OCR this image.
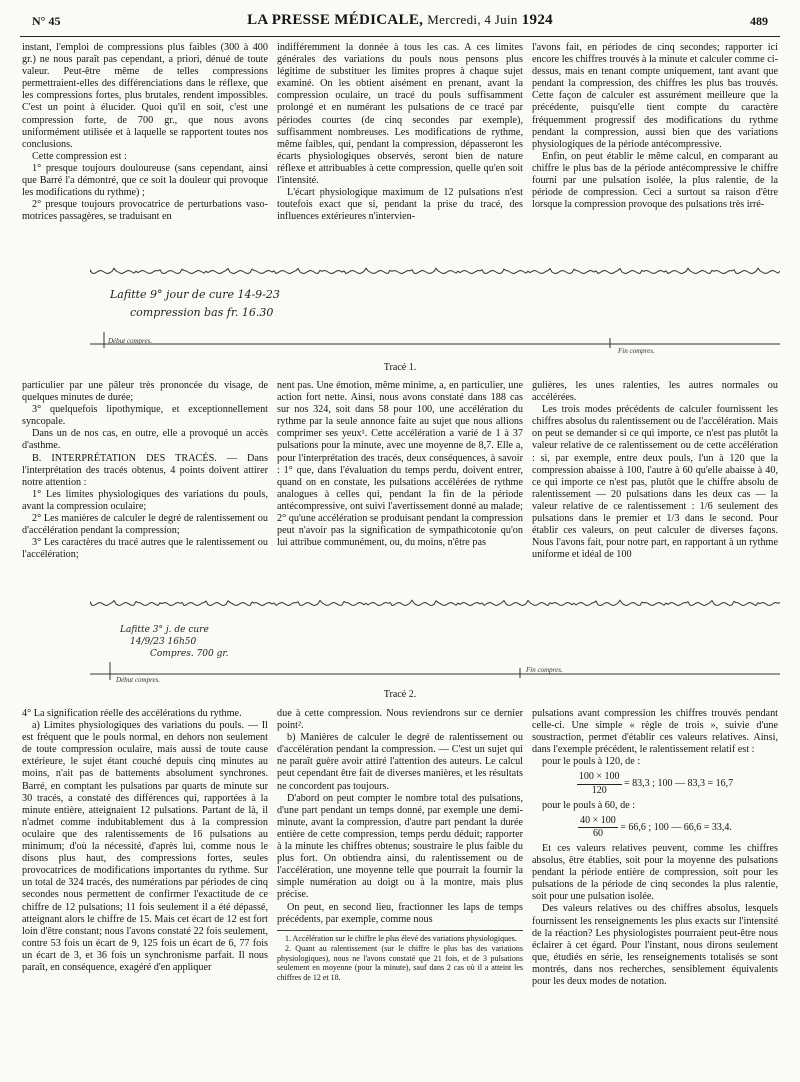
N° 45	LA PRESSE MÉDICALE, Mercredi, 4 Juin 1924	489

instant, l'emploi de compressions plus faibles (300 à 400 gr.) ne nous paraît pas cependant, a priori, dénué de toute valeur. Peut-être même de telles compressions permettraient-elles des différenciations dans le réflexe, que les compressions fortes, plus brutales, rendent impossibles. C'est un point à élucider. Quoi qu'il en soit, c'est une compression forte, de 700 gr., que nous avons uniformément utilisée et à laquelle se rapportent toutes nos conclusions.

Cette compression est :

1° presque toujours douloureuse (sans cependant, ainsi que Barré l'a démontré, que ce soit la douleur qui provoque les modifications du rythme) ;

2° presque toujours provocatrice de perturbations vaso-motrices passagères, se traduisant en

indifféremment la donnée à tous les cas. A ces limites générales des variations du pouls nous pensons plus légitime de substituer les limites propres à chaque sujet examiné. On les obtient aisément en prenant, avant la compression oculaire, un tracé du pouls suffisamment prolongé et en numérant les pulsations de ce tracé par périodes courtes (de cinq secondes par exemple), suffisamment nombreuses. Les modifications de rythme, même faibles, qui, pendant la compression, dépasseront les écarts physiologiques observés, seront bien de nature réflexe et attribuables à cette compression, quelle qu'en soit l'intensité.

L'écart physiologique maximum de 12 pulsations n'est toutefois exact que si, pendant la prise du tracé, des influences extérieures n'intervien-

l'avons fait, en périodes de cinq secondes; rapporter ici encore les chiffres trouvés à la minute et calculer comme ci-dessus, mais en tenant compte uniquement, tant avant que pendant la compression, des chiffres les plus bas trouvés. Cette façon de calculer est assurément meilleure que la précédente, puisqu'elle tient compte du caractère fréquemment progressif des modifications du rythme pendant la compression, aussi bien que des variations physiologiques de la période antécompressive.

Enfin, on peut établir le même calcul, en comparant au chiffre le plus bas de la période antécompressive le chiffre fourni par une pulsation isolée, la plus ralentie, de la période de compression. Ceci a surtout sa raison d'être lorsque la compression provoque des pulsations très irré-

Lafitte 9° jour de cure 14-9-23
compression bas fr. 16.30
Début compres.
Fin compres.
Tracé 1.

particulier par une pâleur très prononcée du visage, de quelques minutes de durée;

3° quelquefois lipothymique, et exceptionnellement syncopale.

Dans un de nos cas, en outre, elle a provoqué un accès d'asthme.

B. INTERPRÉTATION DES TRACÉS. — Dans l'interprétation des tracés obtenus, 4 points doivent attirer notre attention :

1° Les limites physiologiques des variations du pouls, avant la compression oculaire;

2° Les manières de calculer le degré de ralentissement ou d'accélération pendant la compression;

3° Les caractères du tracé autres que le ralentissement ou l'accélération;

nent pas. Une émotion, même minime, a, en particulier, une action fort nette. Ainsi, nous avons constaté dans 188 cas sur nos 324, soit dans 58 pour 100, une accélération du rythme par la seule annonce faite au sujet que nous allions comprimer ses yeux¹. Cette accélération a varié de 1 à 37 pulsations pour la minute, avec une moyenne de 8,7. Elle a, pour l'interprétation des tracés, deux conséquences, à savoir : 1° que, dans l'évaluation du temps perdu, doivent entrer, quand on en constate, les pulsations accélérées de rythme analogues à celles qui, pendant la fin de la période antécompressive, ont suivi l'avertissement donné au malade; 2° qu'une accélération se produisant pendant la compression peut n'avoir pas la signification de sympathicotonie qu'on lui attribue communément, ou, du moins, n'être pas

gulières, les unes ralenties, les autres normales ou accélérées.

Les trois modes précédents de calculer fournissent les chiffres absolus du ralentissement ou de l'accélération. Mais on peut se demander si ce qui importe, ce n'est pas plutôt la valeur relative de ce ralentissement ou de cette accélération : si, par exemple, entre deux pouls, l'un à 120 que la compression abaisse à 100, l'autre à 60 qu'elle abaisse à 40, ce qui importe ce n'est pas, plutôt que le chiffre absolu de ralentissement — 20 pulsations dans les deux cas — la valeur relative de ce ralentissement : 1/6 seulement des pulsations dans le premier et 1/3 dans le second. Pour établir ces valeurs, on peut calculer de diverses façons. Nous l'avons fait, pour notre part, en rapportant à un rythme uniforme et idéal de 100

Lafitte 3° j. de cure
14/9/23 16h50
Compres. 700 gr.
Début compres.
Fin compres.
Tracé 2.

4° La signification réelle des accélérations du rythme.

a) Limites physiologiques des variations du pouls. — Il est fréquent que le pouls normal, en dehors non seulement de toute compression oculaire, mais aussi de toute cause extérieure, le sujet étant couché depuis cinq minutes au moins, n'ait pas de battements absolument synchrones. Barré, en comptant les pulsations par quarts de minute sur 30 tracés, a constaté des différences qui, rapportées à la minute entière, atteignaient 12 pulsations. Partant de là, il n'admet comme indubitablement dus à la compression oculaire que des ralentissements de 16 pulsations au minimum; d'où la nécessité, d'après lui, comme nous le disons plus haut, des compressions fortes, seules provocatrices de modifications importantes du rythme. Sur un total de 324 tracés, des numérations par périodes de cinq secondes nous permettent de confirmer l'exactitude de ce chiffre de 12 pulsations; 11 fois seulement il a été dépassé, atteignant alors le chiffre de 15. Mais cet écart de 12 est fort loin d'être constant; nous l'avons constaté 22 fois seulement, contre 53 fois un écart de 9, 125 fois un écart de 6, 77 fois un écart de 3, et 36 fois un synchronisme parfait. Il nous paraît, en conséquence, exagéré d'en appliquer

due à cette compression. Nous reviendrons sur ce dernier point².

b) Manières de calculer le degré de ralentissement ou d'accélération pendant la compression. — C'est un sujet qui ne paraît guère avoir attiré l'attention des auteurs. Le calcul peut cependant être fait de diverses manières, et les résultats ne concordent pas toujours.

D'abord on peut compter le nombre total des pulsations, d'une part pendant un temps donné, par exemple une demi-minute, avant la compression, d'autre part pendant la durée entière de cette compression, temps perdu déduit; rapporter à la minute les chiffres obtenus; soustraire le plus faible du plus fort. On obtiendra ainsi, du ralentissement ou de l'accélération, une moyenne telle que pourrait la fournir la simple numération au doigt ou à la montre, mais plus précise.

On peut, en second lieu, fractionner les laps de temps précédents, par exemple, comme nous

1. Accélération sur le chiffre le plus élevé des variations physiologiques.

2. Quant au ralentissement (sur le chiffre le plus bas des variations physiologiques), nous ne l'avons constaté que 21 fois, et de 3 pulsations seulement en moyenne (pour la minute), sauf dans 2 cas où il a atteint les chiffres de 12 et 18.

pulsations avant compression les chiffres trouvés pendant celle-ci. Une simple « règle de trois », suivie d'une soustraction, permet d'établir ces valeurs relatives. Ainsi, dans l'exemple précédent, le ralentissement relatif est :

pour le pouls à 120, de :

$\frac{100 \times 100}{120} = 83,3$ ; 100 — 83,3 = 16,7

pour le pouls à 60, de :

$\frac{40 \times 100}{60} = 66,6$ ; 100 — 66,6 = 33,4.

Et ces valeurs relatives peuvent, comme les chiffres absolus, être établies, soit pour la moyenne des pulsations pendant la période entière de compression, soit pour les pulsations de la période de cinq secondes la plus ralentie, soit pour une pulsation isolée.

Des valeurs relatives ou des chiffres absolus, lesquels fournissent les renseignements les plus exacts sur l'intensité de la réaction? Les physiologistes pourraient peut-être nous éclairer à cet égard. Pour l'instant, nous dirons seulement que, étudiés en série, les renseignements totalisés se sont montrés, dans nos recherches, sensiblement équivalents pour les deux modes de notation.
